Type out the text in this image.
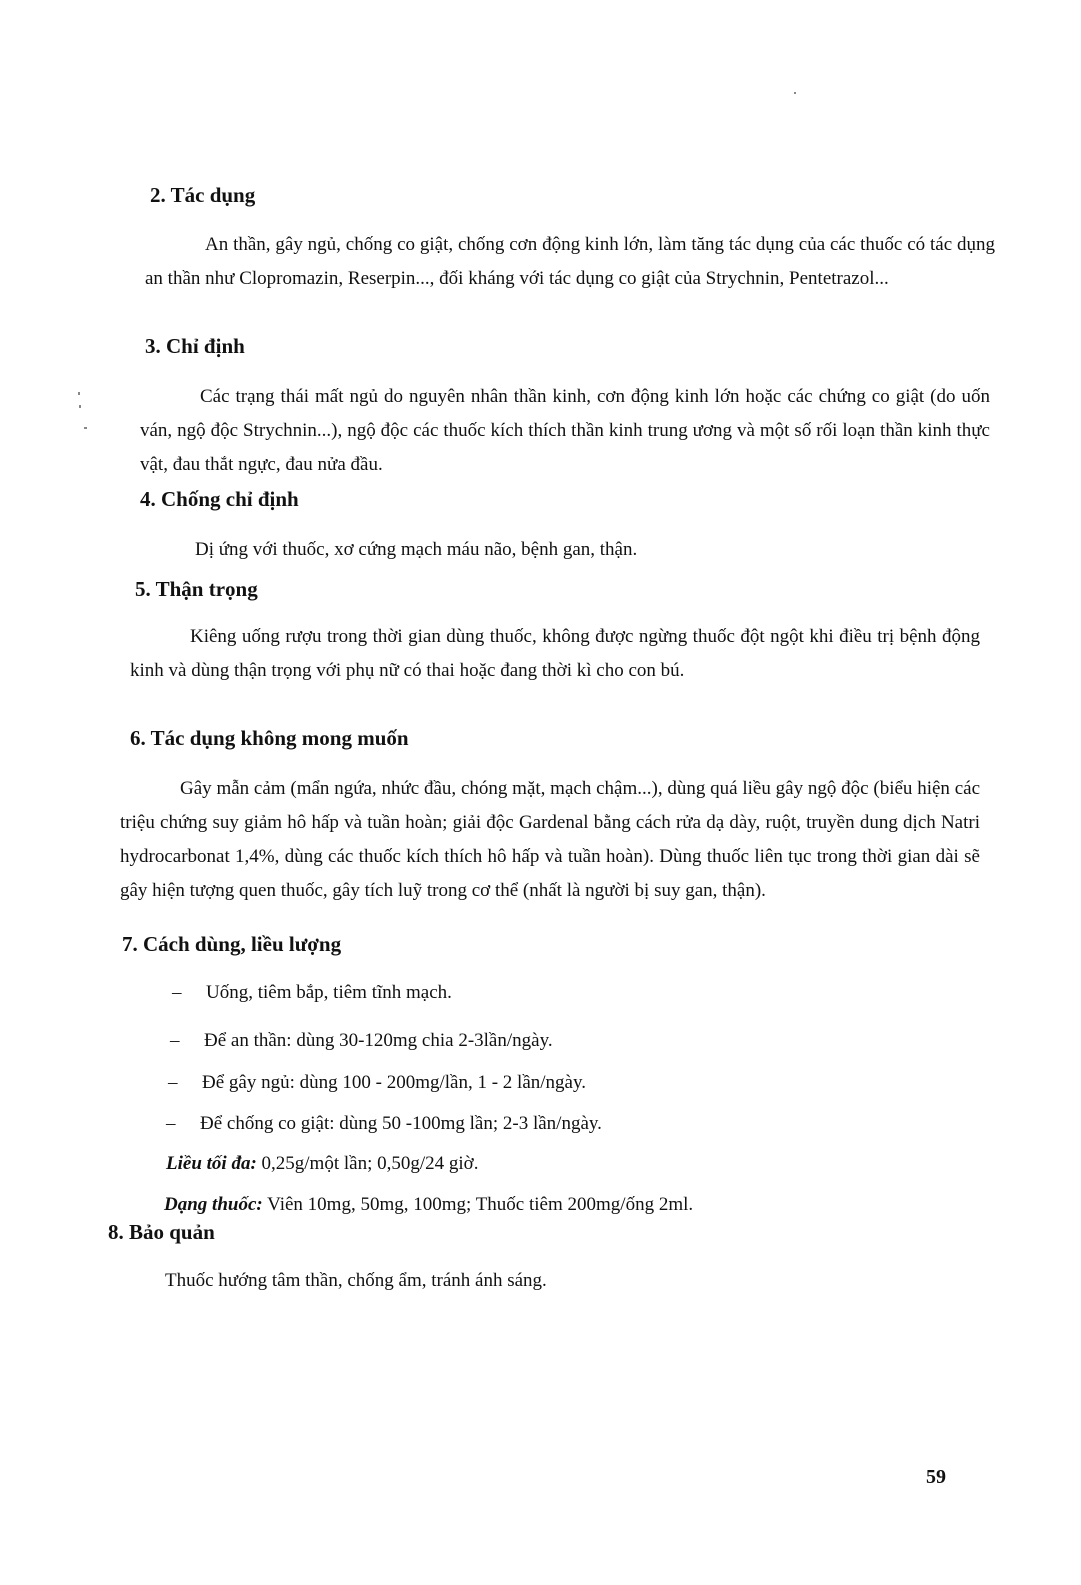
2. Tác dụng

An thần, gây ngủ, chống co giật, chống cơn động kinh lớn, làm tăng tác dụng của các thuốc có tác dụng an thần như Clopromazin, Reserpin..., đối kháng với tác dụng co giật của Strychnin, Pentetrazol...

3. Chỉ định

Các trạng thái mất ngủ do nguyên nhân thần kinh, cơn động kinh lớn hoặc các chứng co giật (do uốn ván, ngộ độc Strychnin...), ngộ độc các thuốc kích thích thần kinh trung ương và một số rối loạn thần kinh thực vật, đau thắt ngực, đau nửa đầu.

4. Chống chỉ định

Dị ứng với thuốc, xơ cứng mạch máu não, bệnh gan, thận.

5. Thận trọng

Kiêng uống rượu trong thời gian dùng thuốc, không được ngừng thuốc đột ngột khi điều trị bệnh động kinh và dùng thận trọng với phụ nữ có thai hoặc đang thời kì cho con bú.

6. Tác dụng không mong muốn

Gây mẫn cảm (mẩn ngứa, nhức đầu, chóng mặt, mạch chậm...), dùng quá liều gây ngộ độc (biểu hiện các triệu chứng suy giảm hô hấp và tuần hoàn; giải độc Gardenal bằng cách rửa dạ dày, ruột, truyền dung dịch Natri hydrocarbonat 1,4%, dùng các thuốc kích thích hô hấp và tuần hoàn). Dùng thuốc liên tục trong thời gian dài sẽ gây hiện tượng quen thuốc, gây tích luỹ trong cơ thể (nhất là người bị suy gan, thận).

7. Cách dùng, liều lượng

– Uống, tiêm bắp, tiêm tĩnh mạch.

– Để an thần: dùng 30-120mg chia 2-3lần/ngày.

– Để gây ngủ: dùng 100 - 200mg/lần, 1 - 2 lần/ngày.

– Để chống co giật: dùng 50 -100mg lần; 2-3 lần/ngày.

Liều tối đa: 0,25g/một lần; 0,50g/24 giờ.

Dạng thuốc: Viên 10mg, 50mg, 100mg; Thuốc tiêm 200mg/ống 2ml.

8. Bảo quản

Thuốc hướng tâm thần, chống ẩm, tránh ánh sáng.

59
